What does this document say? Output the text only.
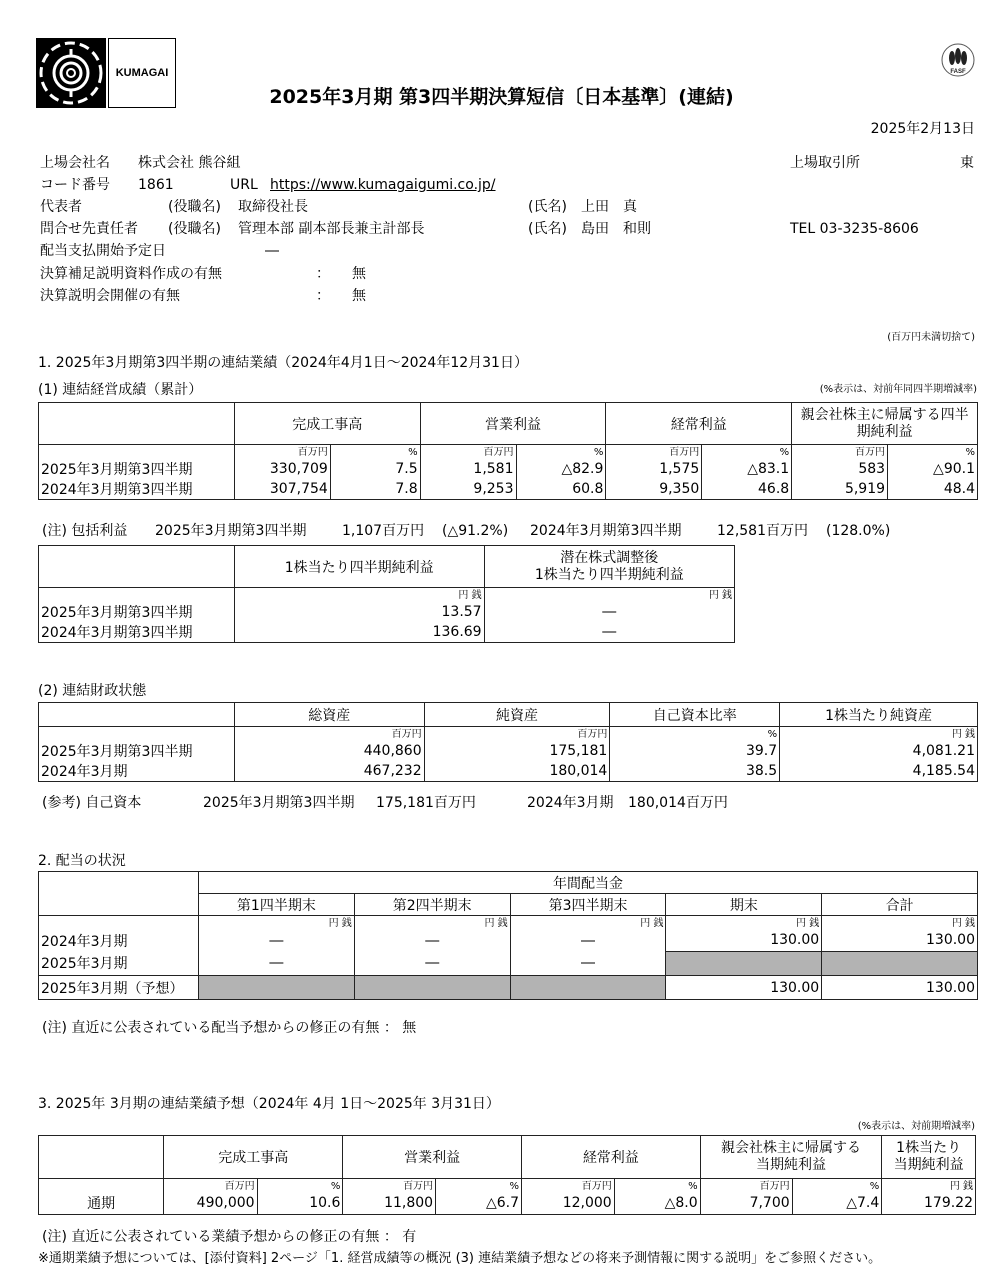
KUMAGAI	FASF
2025年3月期 第3四半期決算短信〔日本基準〕(連結)
2025年2月13日
上場会社名 株式会社 熊谷組	上場取引所	東
コード番号 1861	URL https://www.kumagaigumi.co.jp/
代表者	(役職名) 取締役社長	(氏名) 上田　真
問合せ先責任者 (役職名) 管理本部 副本部長兼主計部長	(氏名) 島田　和則	TEL 03-3235-8606
配当支払開始予定日	―
決算補足説明資料作成の有無	： 無
決算説明会開催の有無	： 無
(百万円未満切捨て)
1. 2025年3月期第3四半期の連結業績（2024年4月1日～2024年12月31日）
(1) 連結経営成績（累計）	(%表示は、対前年同四半期増減率)
	完成工事高		営業利益		経常利益		親会社株主に帰属する四半期純利益	
	百万円	%	百万円	%	百万円	%	百万円	%
2025年3月期第3四半期	330,709	7.5	1,581	△82.9	1,575	△83.1	583	△90.1
2024年3月期第3四半期	307,754	7.8	9,253	60.8	9,350	46.8	5,919	48.4
(注) 包括利益 2025年3月期第3四半期	1,107百万円 (△91.2%) 2024年3月期第3四半期	12,581百万円 (128.0%)
	1株当たり四半期純利益	潜在株式調整後
1株当たり四半期純利益
	円 銭	円 銭
2025年3月期第3四半期	13.57	―
2024年3月期第3四半期	136.69	―
(2) 連結財政状態
	総資産	純資産	自己資本比率	1株当たり純資産
	百万円	百万円	%	円 銭
2025年3月期第3四半期	440,860	175,181	39.7	4,081.21
2024年3月期	467,232	180,014	38.5	4,185.54
(参考) 自己資本	2025年3月期第3四半期 175,181百万円	2024年3月期 180,014百万円
2. 配当の状況
	年間配当金				
	第1四半期末	第2四半期末	第3四半期末	期末	合計
	円 銭	円 銭	円 銭	円 銭	円 銭
2024年3月期	―	―	―	130.00	130.00
2025年3月期	―	―	―		
2025年3月期（予想）				130.00	130.00
(注) 直近に公表されている配当予想からの修正の有無 ： 無
3. 2025年 3月期の連結業績予想（2024年 4月 1日～2025年 3月31日）
(%表示は、対前期増減率)
	完成工事高		営業利益		経常利益		親会社株主に帰属する
当期純利益		1株当たり
当期純利益
	百万円	%	百万円	%	百万円	%	百万円	%	円 銭
通期	490,000	10.6	11,800	△6.7	12,000	△8.0	7,700	△7.4	179.22
(注) 直近に公表されている業績予想からの修正の有無 ： 有
※通期業績予想については、[添付資料] 2ページ「1. 経営成績等の概況 (3) 連結業績予想などの将来予測情報に関する説明」をご参照ください。
